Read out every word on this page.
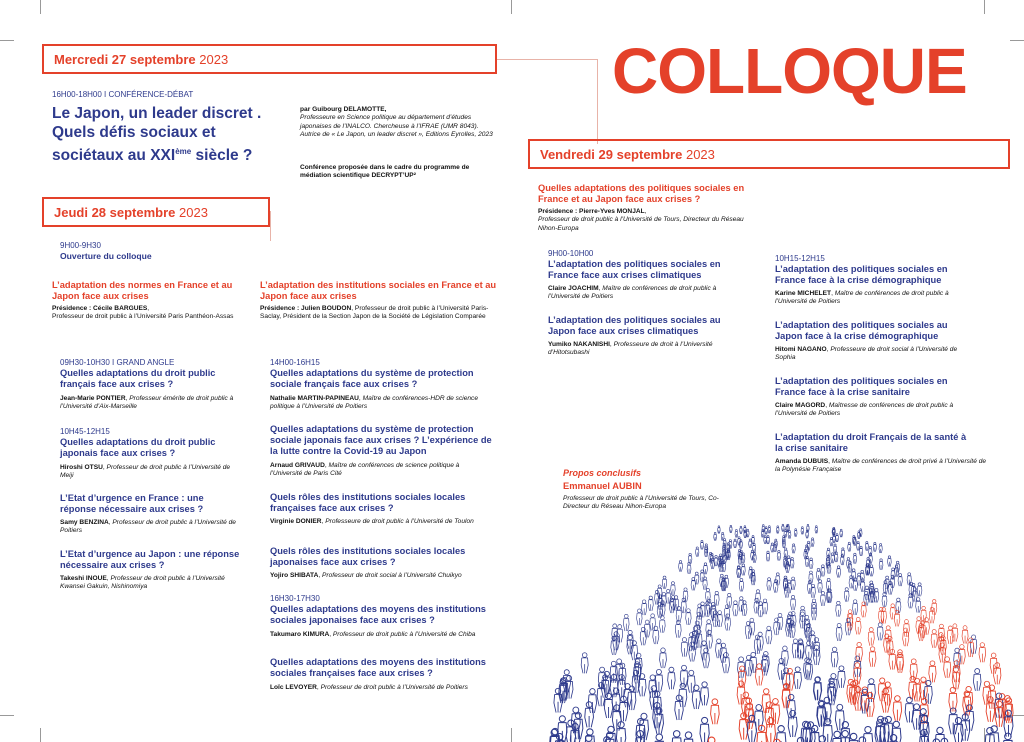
Mercredi 27 septembre 2023
16H00-18H00 I CONFÉRENCE-DÉBAT
Le Japon, un leader discret .
Quels défis sociaux et
sociétaux au XXIème siècle ?
par Guibourg DELAMOTTE,
Professeure en Science politique au département d’études japonaises de l’INALCO. Chercheuse à l’IFRAE (UMR 8043). Autrice de « Le Japon, un leader discret », Editions Eyrolles, 2023
Conférence proposée dans le cadre du programme de médiation scientifique DECRYPT’UP²
Jeudi 28 septembre 2023
9H00-9H30
Ouverture du colloque
L’adaptation des normes en France et au Japon face aux crises
Présidence : Cécile BARGUES,
Professeur de droit public à l’Université Paris Panthéon-Assas
L’adaptation des institutions sociales en France et au Japon face aux crises
Présidence : Julien BOUDON, Professeur de droit public à l’Université Paris-Saclay, Président de la Section Japon de la Société de Législation Comparée
09H30-10H30 I GRAND ANGLE
Quelles adaptations du droit public français face aux crises ?
Jean-Marie PONTIER, Professeur émérite de droit public à l’Université d’Aix-Marseille
10H45-12H15
Quelles adaptations du droit public japonais face aux crises ?
Hiroshi OTSU, Professeur de droit public à l’Université de Meiji
L’Etat d’urgence en France : une réponse nécessaire aux crises ?
Samy BENZINA, Professeur de droit public à l’Université de Poitiers
L’Etat d’urgence au Japon : une réponse nécessaire aux crises ?
Takeshi INOUE, Professeur de droit public à l’Université Kwansei Gakuin, Nishinomiya
14H00-16H15
Quelles adaptations du système de protection sociale français face aux crises ?
Nathalie MARTIN-PAPINEAU, Maître de conférences-HDR de science politique à l’Université de Poitiers
Quelles adaptations du système de protection sociale japonais face aux crises ? L’expérience de la lutte contre la Covid-19 au Japon
Arnaud GRIVAUD, Maître de conférences de science politique à l’Université de Paris Cité
Quels rôles des institutions sociales locales françaises face aux crises ?
Virginie DONIER, Professeure de droit public à l’Université de Toulon
Quels rôles des institutions sociales locales japonaises face aux crises ?
Yojiro SHIBATA, Professeur de droit social à l’Université Chuikyo
16H30-17H30
Quelles adaptations des moyens des institutions sociales japonaises face aux crises ?
Takumaro KIMURA, Professeur de droit public à l’Université de Chiba
Quelles adaptations des moyens des institutions sociales françaises face aux crises ?
Loïc LEVOYER, Professeur de droit public à l’Université de Poitiers
COLLOQUE
Vendredi 29 septembre 2023
Quelles adaptations des politiques sociales en France et au Japon face aux crises ?
Présidence : Pierre-Yves MONJAL,
Professeur de droit public à l’Université de Tours, Directeur du Réseau Nihon-Europa
9H00-10H00
L’adaptation des politiques sociales en France face aux crises climatiques
Claire JOACHIM, Maître de conférences de droit public à l’Université de Poitiers
L’adaptation des politiques sociales au Japon face aux crises climatiques
Yumiko NAKANISHI, Professeure de droit à l’Université d’Hitotsubashi
10H15-12H15
L’adaptation des politiques sociales en France face à la crise démographique
Karine MICHELET, Maître de conférences de droit public à l’Université de Poitiers
L’adaptation des politiques sociales au Japon face à la crise démographique
Hitomi NAGANO, Professeure de droit social à l’Université de Sophia
L’adaptation des politiques sociales en France face à la crise sanitaire
Claire MAGORD, Maîtresse de conférences de droit public à l’Université de Poitiers
L’adaptation du droit Français de la santé à la crise sanitaire
Amanda DUBUIS, Maître de conférences de droit privé à l’Université de la Polynésie Française
Propos conclusifs
Emmanuel AUBIN
Professeur de droit public à l’Université de Tours, Co-Directeur du Réseau Nihon-Europa
